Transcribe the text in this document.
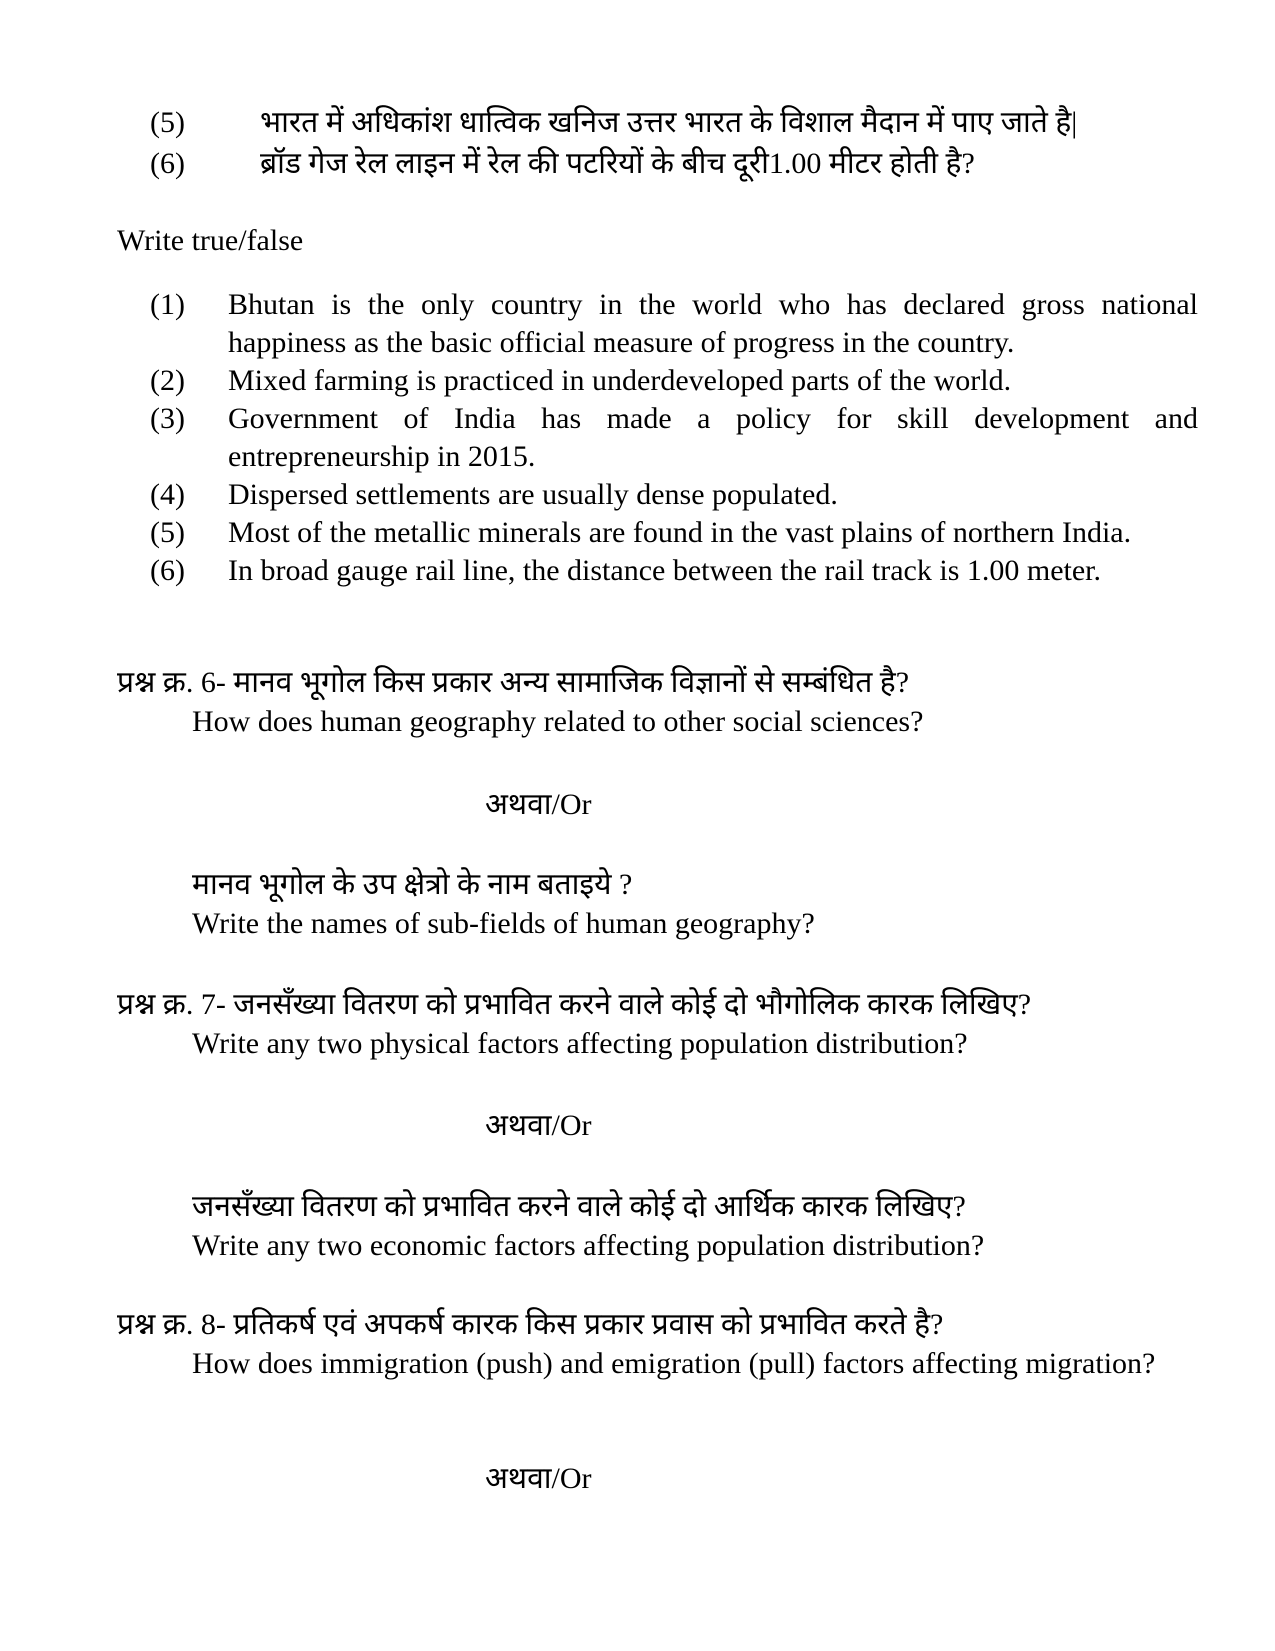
(5)	भारत में अधिकांश धात्विक खनिज उत्तर भारत के विशाल मैदान में पाए जाते है|
(6)	ब्रॉड गेज रेल लाइन में रेल की पटरियों के बीच दूरी1.00 मीटर होती है?
Write true/false
(1)	Bhutan is the only country in the world who has declared gross national happiness as the basic official measure of progress in the country.
(2)	Mixed farming is practiced in underdeveloped parts of the world.
(3)	Government of India has made a policy for skill development and entrepreneurship in 2015.
(4)	Dispersed settlements are usually dense populated.
(5)	Most of the metallic minerals are found in the vast plains of northern India.
(6)	In broad gauge rail line, the distance between the rail track is 1.00 meter.
प्रश्न क्र. 6- मानव भूगोल किस प्रकार अन्य सामाजिक विज्ञानों से सम्बंधित है?
How does human geography related to other social sciences?
अथवा/Or
मानव भूगोल के उप क्षेत्रो के नाम बताइये ?
Write the names of sub-fields of human geography?
प्रश्न क्र. 7- जनसँख्या वितरण को प्रभावित करने वाले कोई दो भौगोलिक कारक लिखिए?
Write any two physical factors affecting population distribution?
अथवा/Or
जनसँख्या वितरण को प्रभावित करने वाले कोई दो आर्थिक कारक लिखिए?
Write any two economic factors affecting population distribution?
प्रश्न क्र. 8- प्रतिकर्ष एवं अपकर्ष कारक किस प्रकार प्रवास को प्रभावित करते है?
How does immigration (push) and emigration (pull) factors affecting migration?
अथवा/Or
